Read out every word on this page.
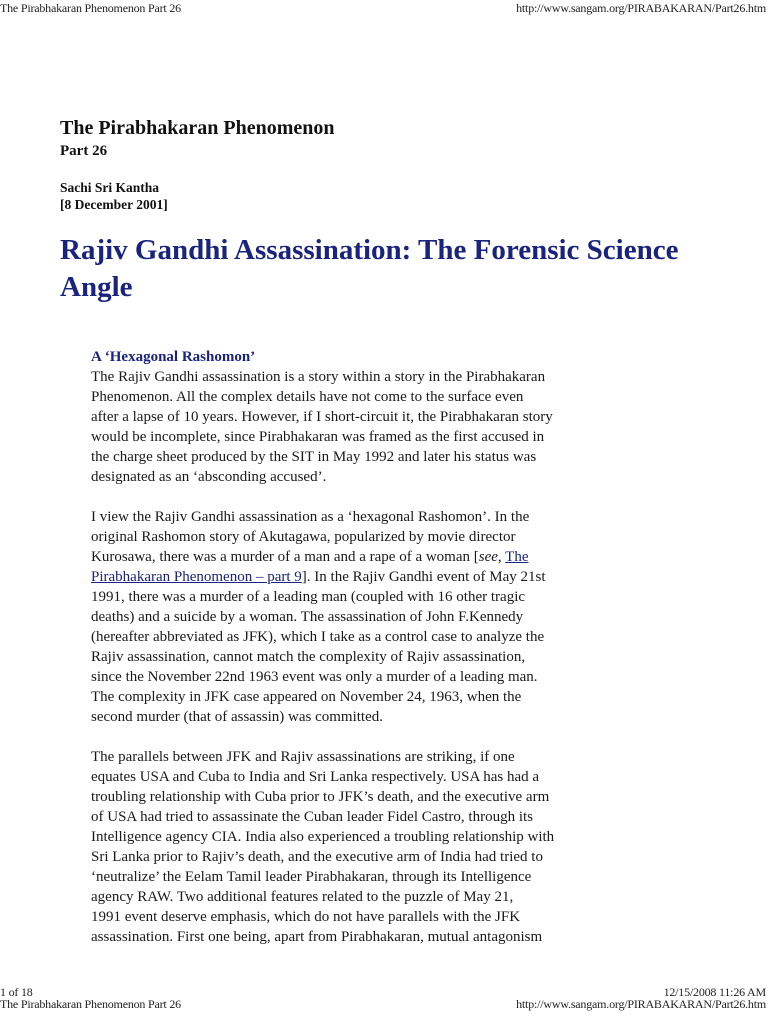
The Pirabhakaran Phenomenon Part 26	http://www.sangam.org/PIRABAKARAN/Part26.htm
The Pirabhakaran Phenomenon
Part 26
Sachi Sri Kantha
[8 December 2001]
Rajiv Gandhi Assassination: The Forensic Science Angle
A ‘Hexagonal Rashomon’

The Rajiv Gandhi assassination is a story within a story in the Pirabhakaran
Phenomenon. All the complex details have not come to the surface even
after a lapse of 10 years. However, if I short-circuit it, the Pirabhakaran story
would be incomplete, since Pirabhakaran was framed as the first accused in
the charge sheet produced by the SIT in May 1992 and later his status was
designated as an ‘absconding accused’.

I view the Rajiv Gandhi assassination as a ‘hexagonal Rashomon’. In the
original Rashomon story of Akutagawa, popularized by movie director
Kurosawa, there was a murder of a man and a rape of a woman [see, The
Pirabhakaran Phenomenon – part 9]. In the Rajiv Gandhi event of May 21st
1991, there was a murder of a leading man (coupled with 16 other tragic
deaths) and a suicide by a woman. The assassination of John F.Kennedy
(hereafter abbreviated as JFK), which I take as a control case to analyze the
Rajiv assassination, cannot match the complexity of Rajiv assassination,
since the November 22nd 1963 event was only a murder of a leading man.
The complexity in JFK case appeared on November 24, 1963, when the
second murder (that of assassin) was committed.

The parallels between JFK and Rajiv assassinations are striking, if one
equates USA and Cuba to India and Sri Lanka respectively. USA has had a
troubling relationship with Cuba prior to JFK’s death, and the executive arm
of USA had tried to assassinate the Cuban leader Fidel Castro, through its
Intelligence agency CIA. India also experienced a troubling relationship with
Sri Lanka prior to Rajiv’s death, and the executive arm of India had tried to
‘neutralize’ the Eelam Tamil leader Pirabhakaran, through its Intelligence
agency RAW. Two additional features related to the puzzle of May 21,
1991 event deserve emphasis, which do not have parallels with the JFK
assassination. First one being, apart from Pirabhakaran, mutual antagonism

1 of 18	12/15/2008 11:26 AM
The Pirabhakaran Phenomenon Part 26	http://www.sangam.org/PIRABAKARAN/Part26.htm
